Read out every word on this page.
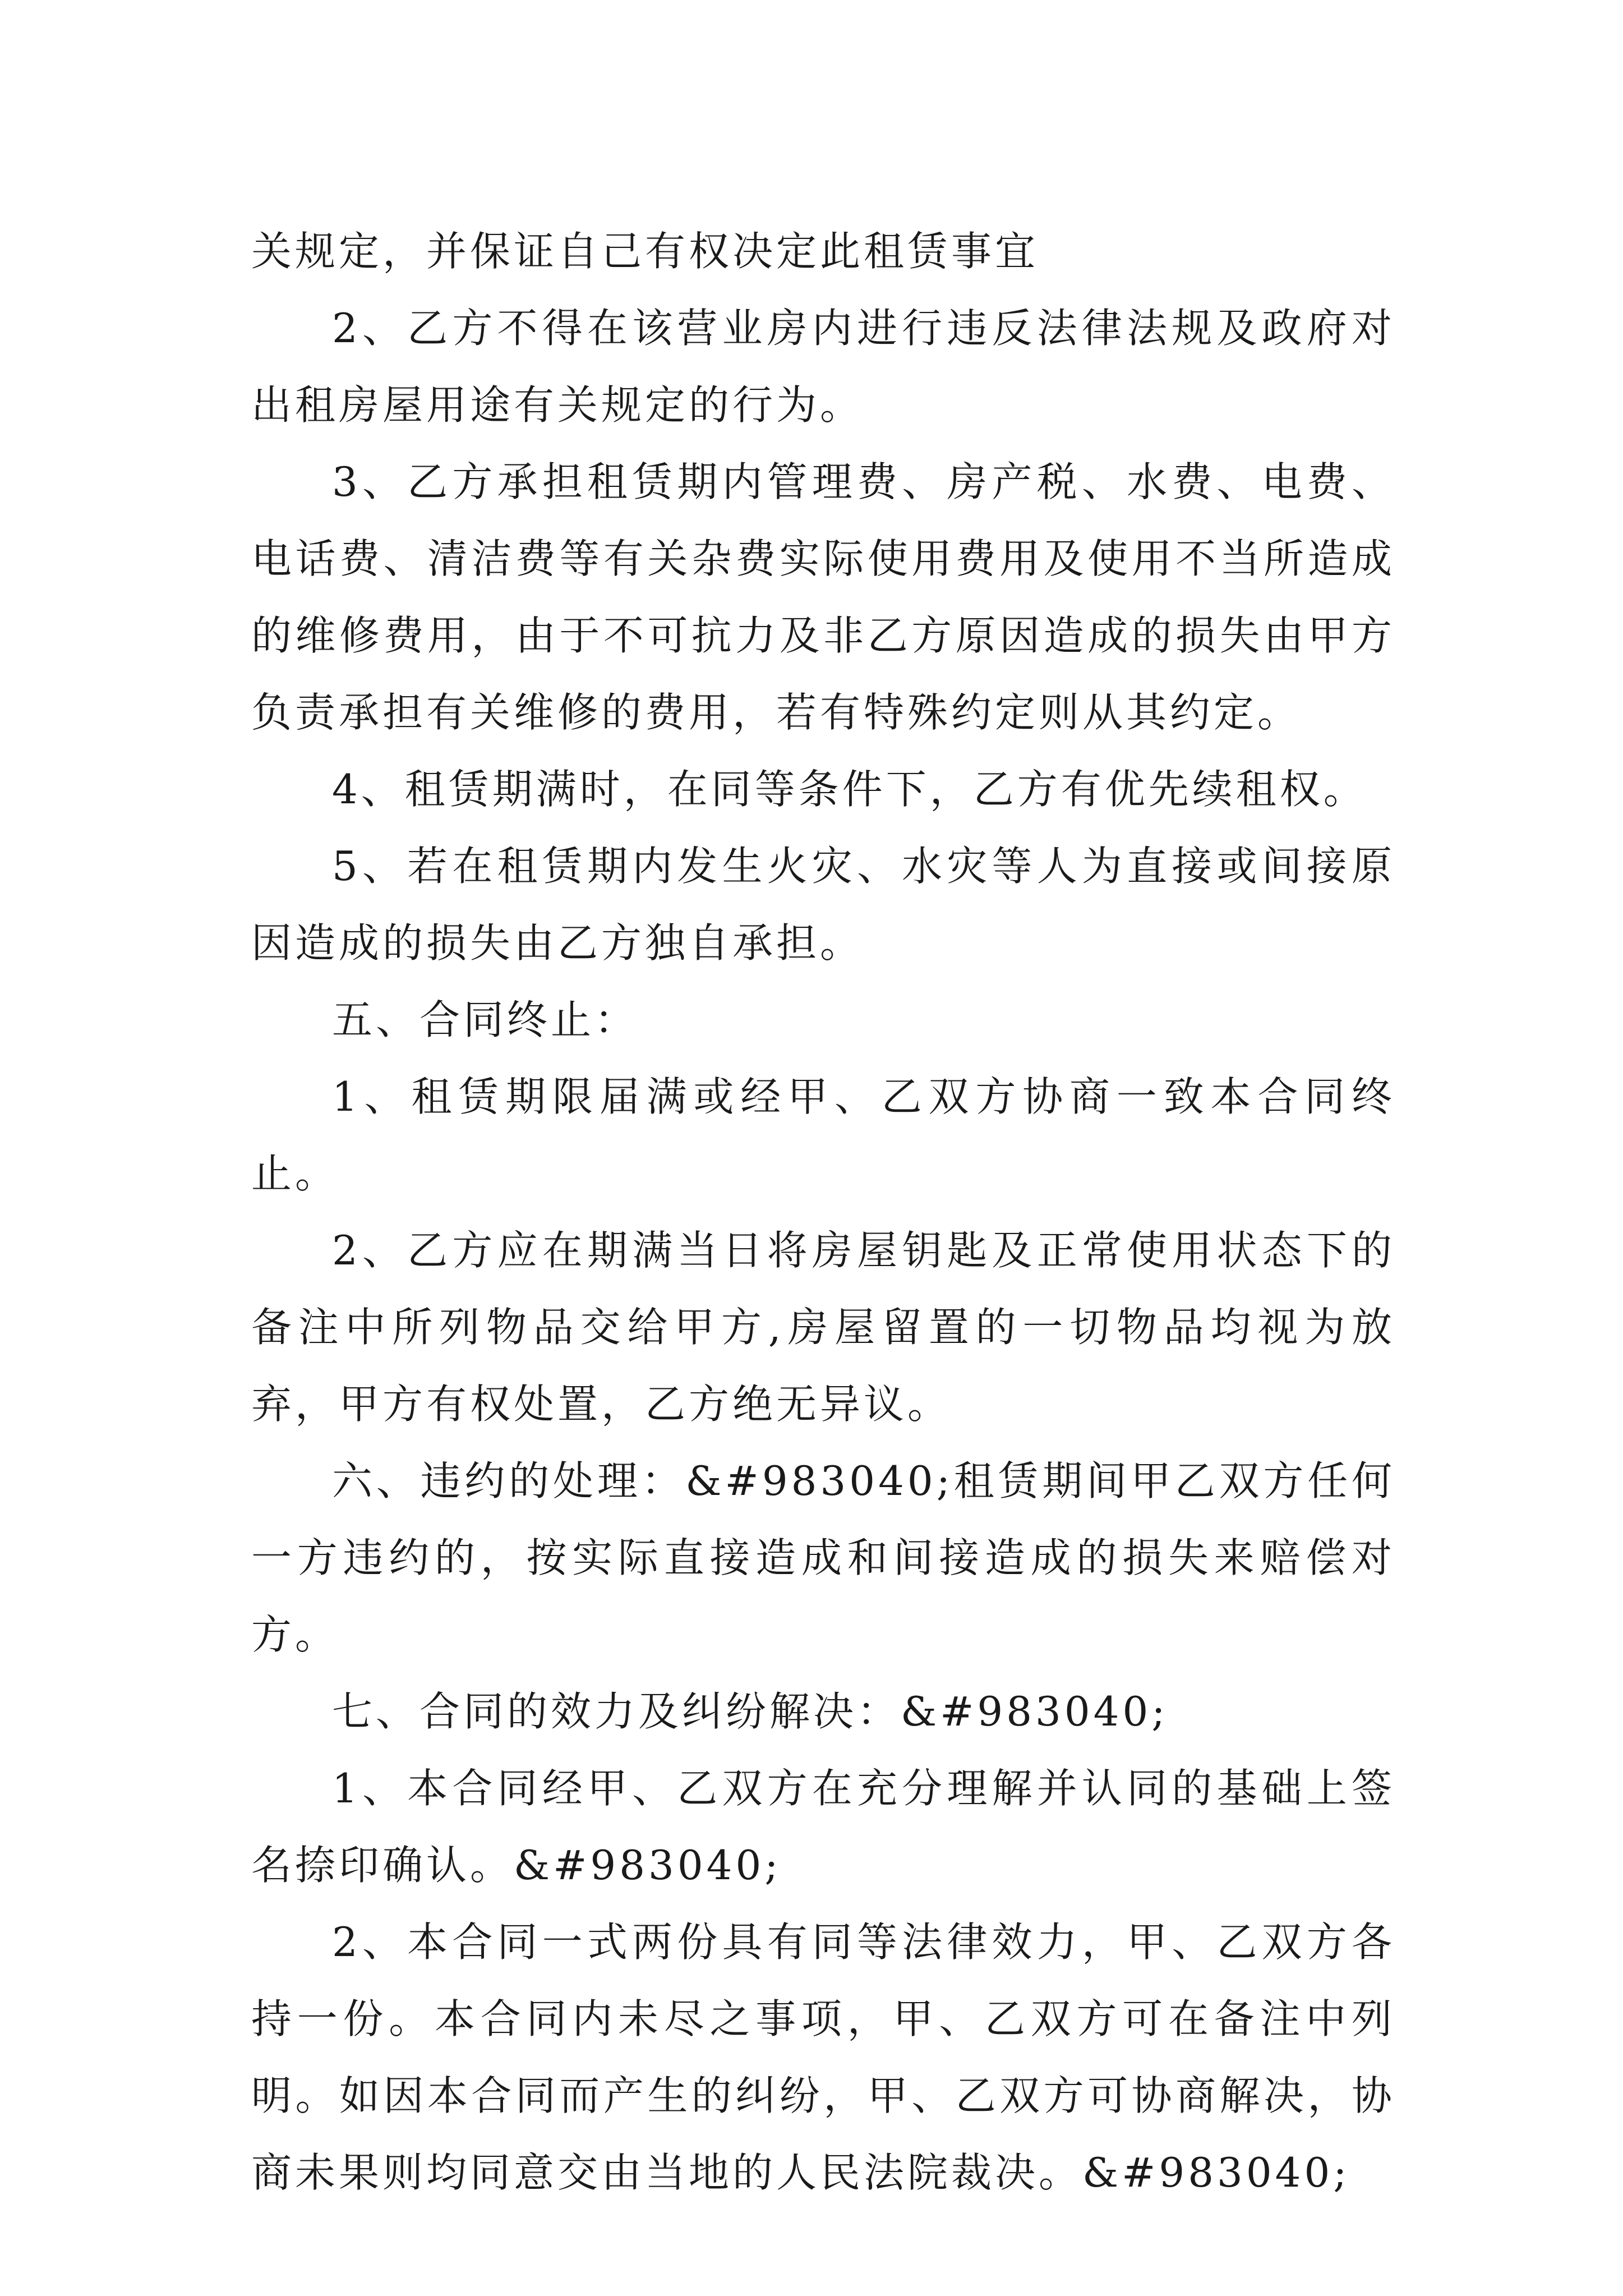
关规定，并保证自己有权决定此租赁事宜

2、乙方不得在该营业房内进行违反法律法规及政府对出租房屋用途有关规定的行为。

3、乙方承担租赁期内管理费、房产税、水费、电费、电话费、清洁费等有关杂费实际使用费用及使用不当所造成的维修费用，由于不可抗力及非乙方原因造成的损失由甲方负责承担有关维修的费用，若有特殊约定则从其约定。

4、租赁期满时，在同等条件下，乙方有优先续租权。

5、若在租赁期内发生火灾、水灾等人为直接或间接原因造成的损失由乙方独自承担。

五、合同终止：

1、租赁期限届满或经甲、乙双方协商一致本合同终止。

2、乙方应在期满当日将房屋钥匙及正常使用状态下的备注中所列物品交给甲方,房屋留置的一切物品均视为放弃，甲方有权处置，乙方绝无异议。

六、违约的处理：&#983040;租赁期间甲乙双方任何一方违约的，按实际直接造成和间接造成的损失来赔偿对方。

七、合同的效力及纠纷解决：&#983040;

1、本合同经甲、乙双方在充分理解并认同的基础上签名捺印确认。&#983040;

2、本合同一式两份具有同等法律效力，甲、乙双方各持一份。本合同内未尽之事项，甲、乙双方可在备注中列明。如因本合同而产生的纠纷，甲、乙双方可协商解决，协商未果则均同意交由当地的人民法院裁决。&#983040;
